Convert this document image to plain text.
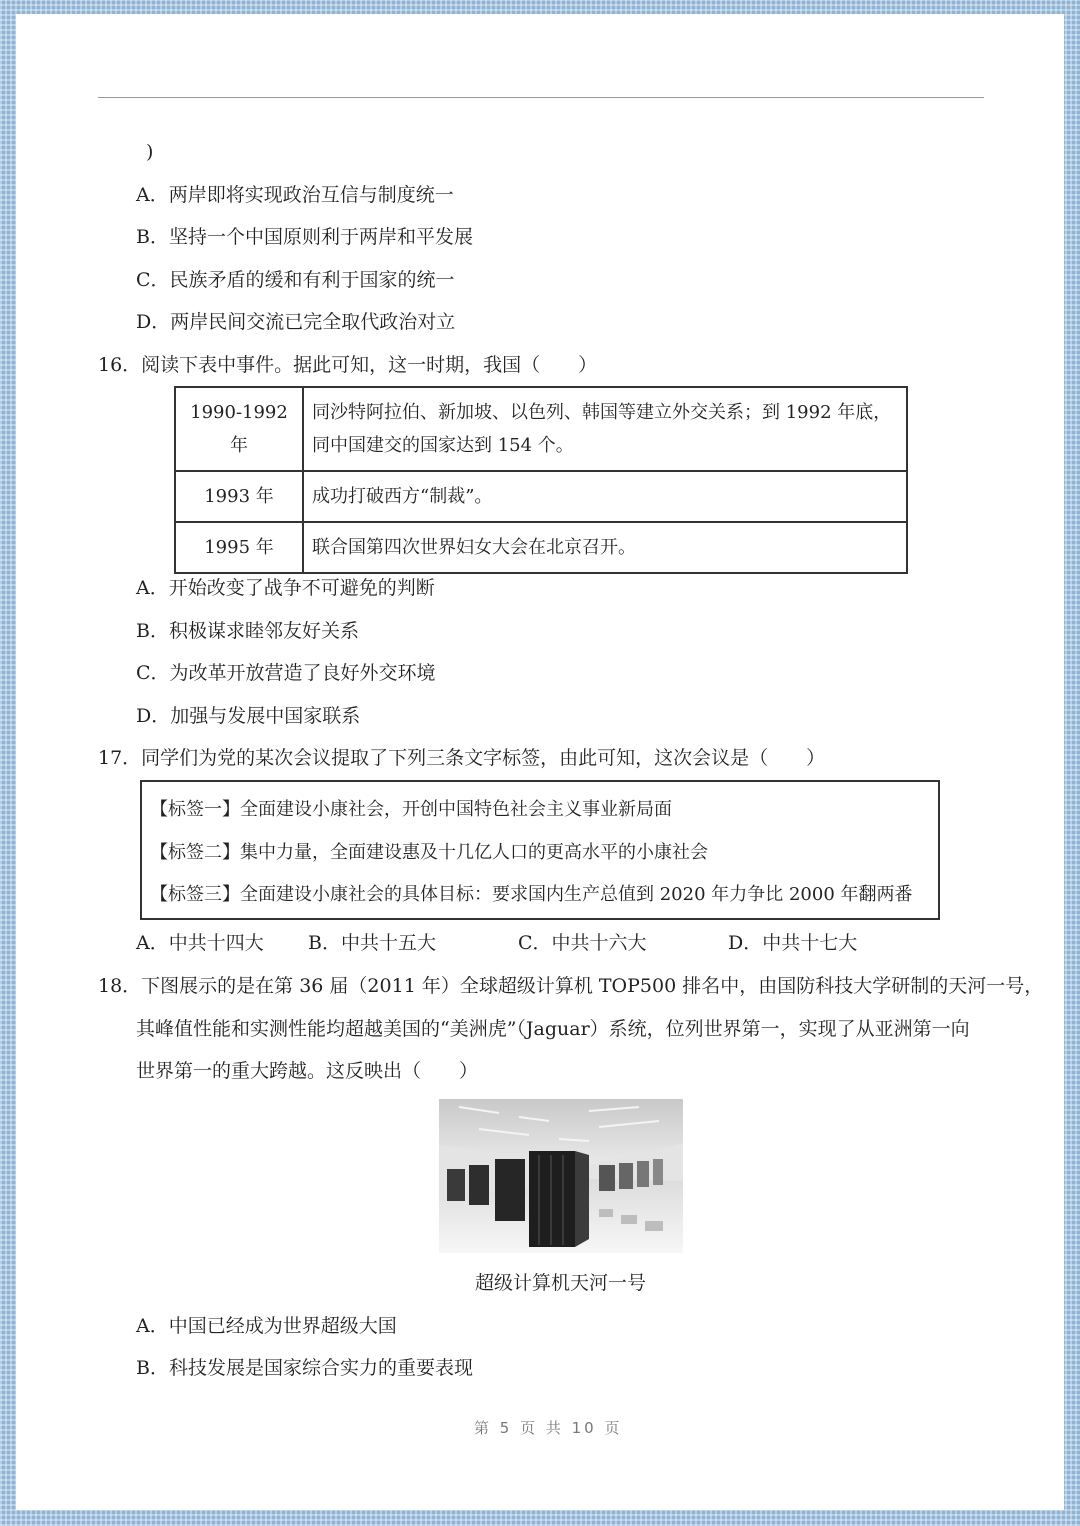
)
A．两岸即将实现政治互信与制度统一
B．坚持一个中国原则利于两岸和平发展
C．民族矛盾的缓和有利于国家的统一
D．两岸民间交流已完全取代政治对立
16．阅读下表中事件。据此可知，这一时期，我国（　　）
1990-1992 年	同沙特阿拉伯、新加坡、以色列、韩国等建立外交关系；到 1992 年底，同中国建交的国家达到 154 个。
1993 年	成功打破西方“制裁”。
1995 年	联合国第四次世界妇女大会在北京召开。
A．开始改变了战争不可避免的判断
B．积极谋求睦邻友好关系
C．为改革开放营造了良好外交环境
D．加强与发展中国家联系
17．同学们为党的某次会议提取了下列三条文字标签，由此可知，这次会议是（　　）
【标签一】全面建设小康社会，开创中国特色社会主义事业新局面
【标签二】集中力量，全面建设惠及十几亿人口的更高水平的小康社会
【标签三】全面建设小康社会的具体目标：要求国内生产总值到 2020 年力争比 2000 年翻两番
A．中共十四大 B．中共十五大	C．中共十六大	D．中共十七大
18．下图展示的是在第 36 届（2011 年）全球超级计算机 TOP500 排名中，由国防科技大学研制的天河一号，
其峰值性能和实测性能均超越美国的“美洲虎”（Jaguar）系统，位列世界第一，实现了从亚洲第一向
世界第一的重大跨越。这反映出（　　）
超级计算机天河一号
A．中国已经成为世界超级大国
B．科技发展是国家综合实力的重要表现
第 5 页 共 10 页
